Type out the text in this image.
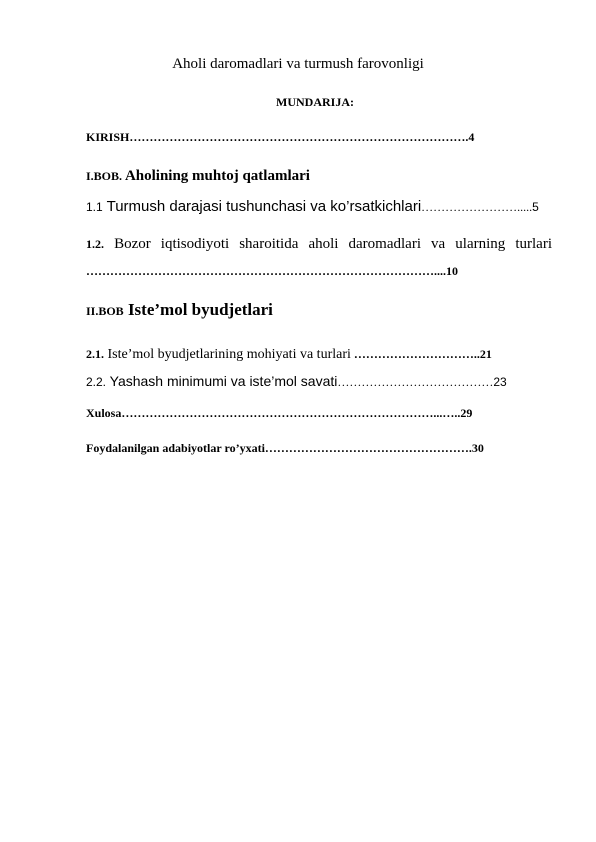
Aholi daromadlari va turmush farovonligi
MUNDARIJA:
KIRISH………………………………………………………………………….4
I.BOB. Aholining muhtoj qatlamlari
1.1 Turmush darajasi tushunchasi va ko’rsatkichlari…………………….....5
1.2. Bozor iqtisodiyoti sharoitida aholi daromadlari va ularning turlari
……………………………………………………………………………....10
II.BOB Iste’mol byudjetlari
2.1. Iste’mol byudjetlarining mohiyati va turlari …………………………..21
2.2. Yashash minimumi va iste’mol savati…………………………………23
Xulosa……………………………………………………………………...…..29
Foydalanilgan adabiyotlar ro’yxati…………………………………………….30
